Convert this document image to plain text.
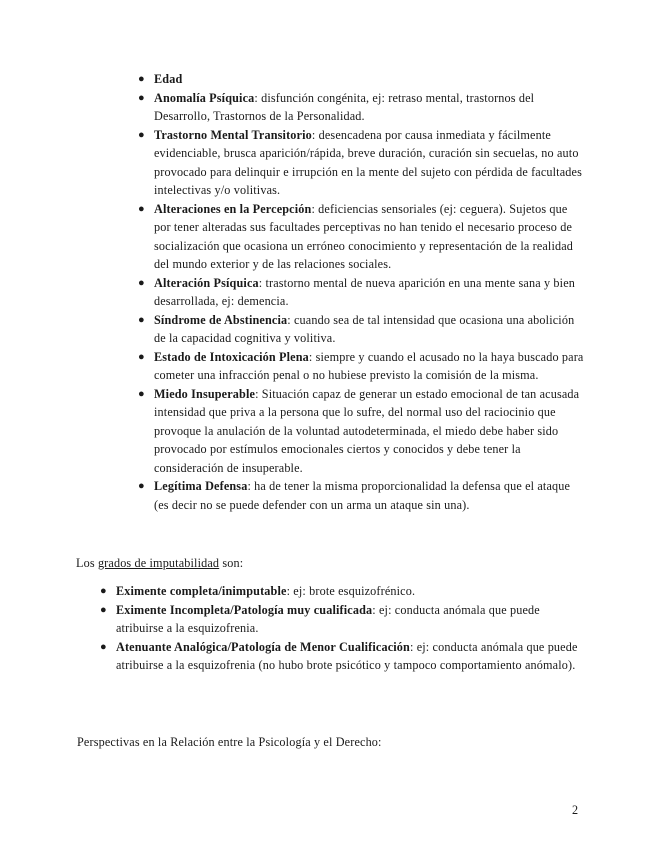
● Edad
● Anomalía Psíquica: disfunción congénita, ej: retraso mental, trastornos del Desarrollo, Trastornos de la Personalidad.
● Trastorno Mental Transitorio: desencadena por causa inmediata y fácilmente evidenciable, brusca aparición/rápida, breve duración, curación sin secuelas, no auto provocado para delinquir e irrupción en la mente del sujeto con pérdida de facultades intelectivas y/o volitivas.
● Alteraciones en la Percepción: deficiencias sensoriales (ej: ceguera). Sujetos que por tener alteradas sus facultades perceptivas no han tenido el necesario proceso de socialización que ocasiona un erróneo conocimiento y representación de la realidad del mundo exterior y de las relaciones sociales.
● Alteración Psíquica: trastorno mental de nueva aparición en una mente sana y bien desarrollada, ej: demencia.
● Síndrome de Abstinencia: cuando sea de tal intensidad que ocasiona una abolición de la capacidad cognitiva y volitiva.
● Estado de Intoxicación Plena: siempre y cuando el acusado no la haya buscado para cometer una infracción penal o no hubiese previsto la comisión de la misma.
● Miedo Insuperable: Situación capaz de generar un estado emocional de tan acusada intensidad que priva a la persona que lo sufre, del normal uso del raciocinio que provoque la anulación de la voluntad autodeterminada, el miedo debe haber sido provocado por estímulos emocionales ciertos y conocidos y debe tener la consideración de insuperable.
● Legítima Defensa: ha de tener la misma proporcionalidad la defensa que el ataque (es decir no se puede defender con un arma un ataque sin una).
Los grados de imputabilidad son:
● Eximente completa/inimputable: ej: brote esquizofrénico.
● Eximente Incompleta/Patología muy cualificada: ej: conducta anómala que puede atribuirse a la esquizofrenia.
● Atenuante Analógica/Patología de Menor Cualificación: ej: conducta anómala que puede atribuirse a la esquizofrenia (no hubo brote psicótico y tampoco comportamiento anómalo).
Perspectivas en la Relación entre la Psicología y el Derecho:
2
